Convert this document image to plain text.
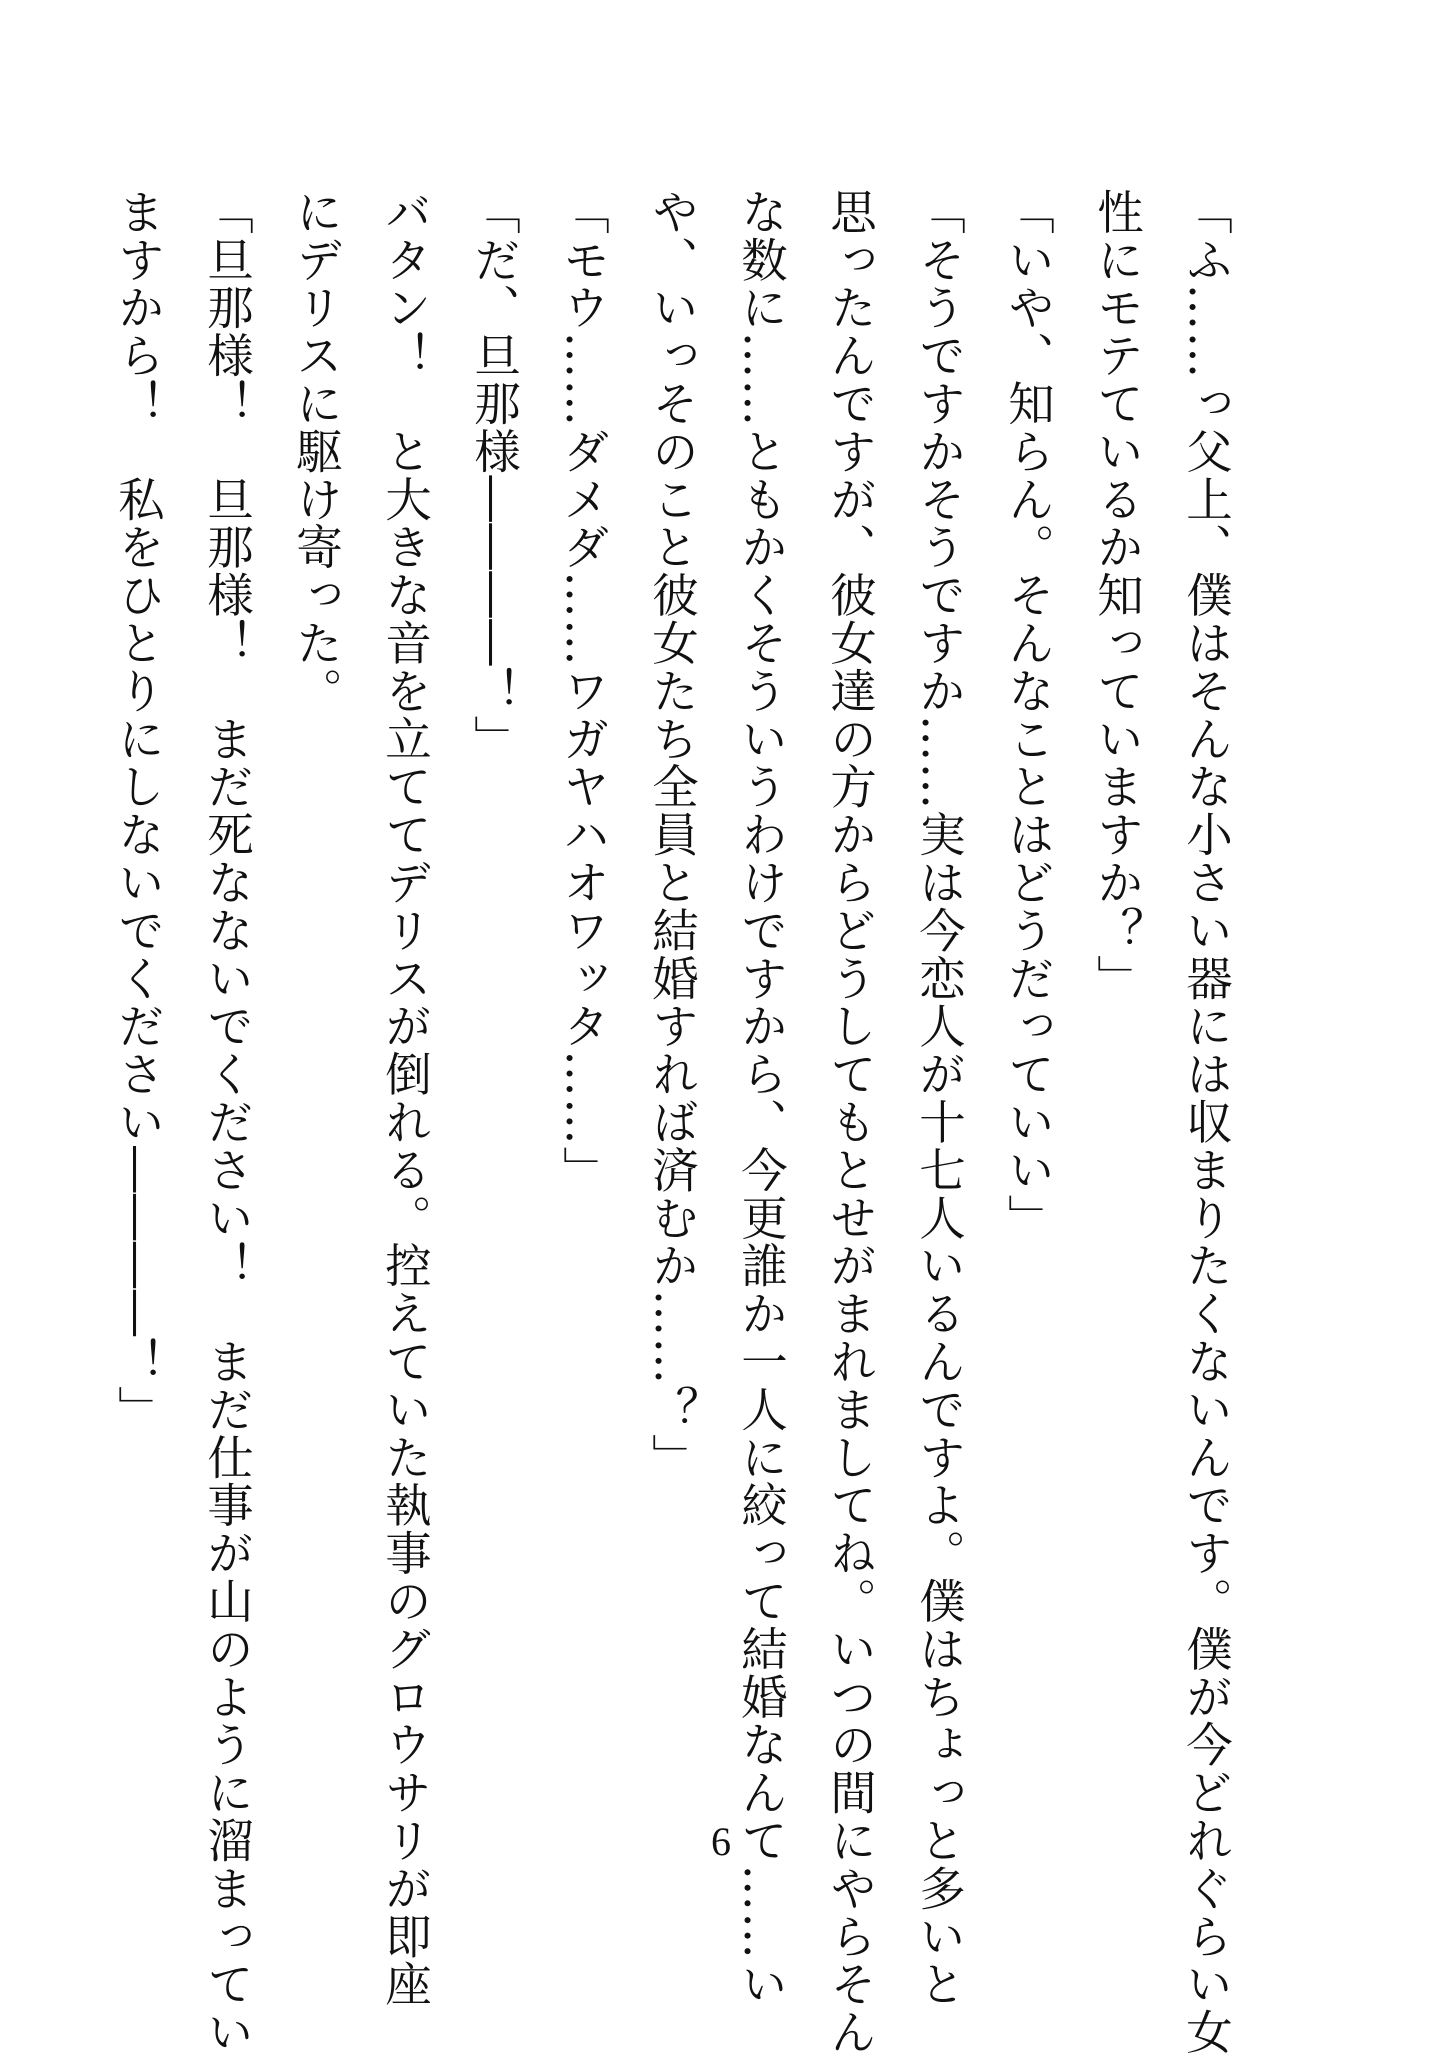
「ふ……っ父上、僕はそんな小さい器には収まりたくないんです。僕が今どれぐらい女
性にモテているか知っていますか？」
「いや、知らん。そんなことはどうだっていい」
「そうですかそうですか……実は今恋人が十七人いるんですよ。僕はちょっと多いと
思ったんですが、彼女達の方からどうしてもとせがまれましてね。いつの間にやらそん
な数に……ともかくそういうわけですから、今更誰か一人に絞って結婚なんて……い
や、いっそのこと彼女たち全員と結婚すれば済むか……？」
「モウ……ダメダ……ワガヤハオワッタ……」
「だ、旦那様――――！」
バタン！　と大きな音を立ててデリスが倒れる。控えていた執事のグロウサリが即座
にデリスに駆け寄った。
「旦那様！　旦那様！　まだ死なないでください！　まだ仕事が山のように溜まってい
ますから！　私をひとりにしないでください――――！」
6
